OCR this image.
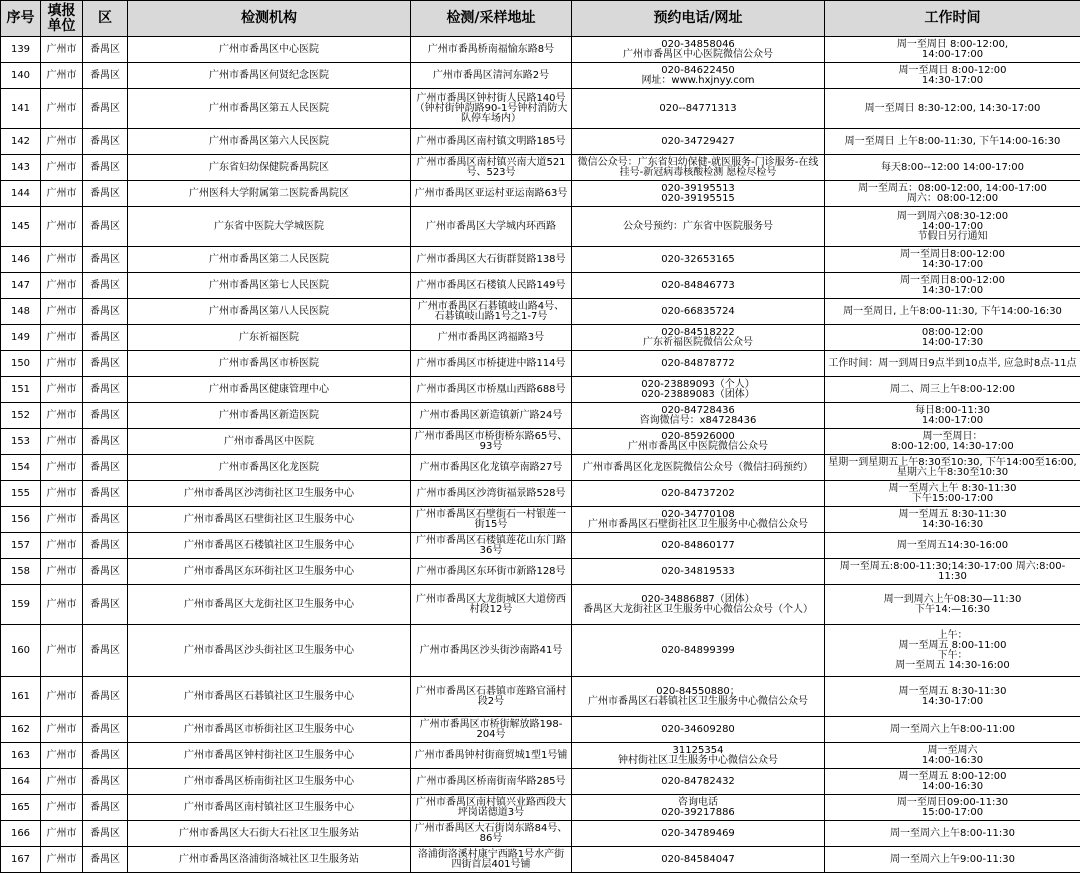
序号	填报
单位	区	检测机构	检测/采样地址	预约电话/网址	工作时间
139	广州市	番禺区	广州市番禺区中心医院	广州市番禺桥南福愉东路8号	020-34858046
广州市番禺区中心医院微信公众号	周一至周日 8:00-12:00,
14:00-17:00
140	广州市	番禺区	广州市番禺区何贤纪念医院	广州市番禺区清河东路2号	020-84622450
网址：www.hxjnyy.com	周一至周日 8:00-12:00
14:30-17:00
141	广州市	番禺区	广州市番禺区第五人民医院	广州市番禺区钟村街人民路140号（钟村街钟韵路90-1号钟村消防大队停车场内）	020--84771313	周一至周日 8:30-12:00, 14:30-17:00
142	广州市	番禺区	广州市番禺区第六人民医院	广州市番禺区南村镇文明路185号	020-34729427	周一至周日 上午8:00-11:30, 下午14:00-16:30
143	广州市	番禺区	广东省妇幼保健院番禺院区	广州市番禺区南村镇兴南大道521号、523号	微信公众号：广东省妇幼保健-就医服务-门诊服务-在线挂号-新冠病毒核酸检测 愿检尽检号	每天8:00--12:00 14:00-17:00
144	广州市	番禺区	广州医科大学附属第二医院番禺院区	广州市番禺区亚运村亚运南路63号	020-39195513
020-39195515	周一至周五：08:00-12:00, 14:00-17:00
周六：08:00-12:00
145	广州市	番禺区	广东省中医院大学城医院	广州市番禺区大学城内环西路	公众号预约：广东省中医院服务号	周一到周六08:30-12:00
14:00-17:00
节假日另行通知
146	广州市	番禺区	广州市番禺区第二人民医院	广州市番禺区大石街群贤路138号	020-32653165	周一至周日8:00-12:00
14:30-17:00
147	广州市	番禺区	广州市番禺区第七人民医院	广州市番禺区石楼镇人民路149号	020-84846773	周一至周日8:00-12:00
14:30-17:00
148	广州市	番禺区	广州市番禺区第八人民医院	广州市番禺区石碁镇岐山路4号、石碁镇岐山路1号之1-7号	020-66835724	周一至周日, 上午8:00-11:30, 下午14:00-16:30
149	广州市	番禺区	广东祈福医院	广州市番禺区鸿福路3号	020-84518222
广东祈福医院微信公众号	08:00-12:00
14:00-17:30
150	广州市	番禺区	广州市番禺区市桥医院	广州市番禺区市桥捷进中路114号	020-84878772	工作时间：周一到周日9点半到10点半, 应急时8点-11点
151	广州市	番禺区	广州市番禺区健康管理中心	广州市番禺区市桥凰山西路688号	020-23889093（个人）
020-23889083（团体）	周二、周三上午8:00-12:00
152	广州市	番禺区	广州市番禺区新造医院	广州市番禺区新造镇新广路24号	020-84728436
咨询微信号：x84728436	每日8:00-11:30
14:00-17:00
153	广州市	番禺区	广州市番禺区中医院	广州市番禺区市桥街桥东路65号、93号	020-85926000
广州市番禺区中医院微信公众号	周一至周日：
8:00-12:00, 14:30-17:00
154	广州市	番禺区	广州市番禺区化龙医院	广州市番禺区化龙镇亭南路27号	广州市番禺区化龙医院微信公众号（微信扫码预约）	星期一到星期五上午8:30至10:30, 下午14:00至16:00, 星期六上午8:30至10:30
155	广州市	番禺区	广州市番禺区沙湾街社区卫生服务中心	广州市番禺区沙湾街福景路528号	020-84737202	周一至周六上午 8:30-11:30
下午15:00-17:00
156	广州市	番禺区	广州市番禺区石壁街社区卫生服务中心	广州市番禺区石壁街石一村银莲一街15号	020-34770108
广州市番禺区石壁街社区卫生服务中心微信公众号	周一至周五 8:30-11:30
14:30-16:30
157	广州市	番禺区	广州市番禺区石楼镇社区卫生服务中心	广州市番禺区石楼镇莲花山东门路36号	020-84860177	周一至周五14:30-16:00
158	广州市	番禺区	广州市番禺区东环街社区卫生服务中心	广州市番禺区东环街市新路128号	020-34819533	周一至周五:8:00-11:30;14:30-17:00 周六:8:00-11:30
159	广州市	番禺区	广州市番禺区大龙街社区卫生服务中心	广州市番禺区大龙街城区大道傍西村段12号	020-34886887（团体）
番禺区大龙街社区卫生服务中心微信公众号（个人）	周一到周六上午08:30—11:30
下午14:—16:30
160	广州市	番禺区	广州市番禺区沙头街社区卫生服务中心	广州市番禺区沙头街沙南路41号	020-84899399	上午：
周一至周五 8:00-11:00
下午：
周一至周五 14:30-16:00
161	广州市	番禺区	广州市番禺区石碁镇社区卫生服务中心	广州市番禺区石碁镇市莲路官涌村段2号	020-84550880；
广州市番禺区石碁镇社区卫生服务中心微信公众号	周一至周五 8:30-11:30
14:30-17:00
162	广州市	番禺区	广州市番禺区市桥街社区卫生服务中心	广州市番禺区市桥街解放路198-204号	020-34609280	周一至周六上午8:00-11:00
163	广州市	番禺区	广州市番禺区钟村街社区卫生服务中心	广州市番禺钟村街商贸城1型1号铺	31125354
钟村街社区卫生服务中心微信公众号	周一至周六
14:00-16:30
164	广州市	番禺区	广州市番禺区桥南街社区卫生服务中心	广州市番禺区桥南街南华路285号	020-84782432	周一至周五 8:00-12:00
14:00-16:30
165	广州市	番禺区	广州市番禺区南村镇社区卫生服务中心	广州市番禺区南村镇兴业路西段大坪岗诺德道3号	咨询电话
020-39217886	周一至周日09:00-11:30
15:00-17:00
166	广州市	番禺区	广州市番禺区大石街大石社区卫生服务站	广州市番禺区大石街岗东路84号、86号	020-34789469	周一至周六上午8:00-11:30
167	广州市	番禺区	广州市番禺区洛浦街洛城社区卫生服务站	洛浦街洛溪村康宁西路1号水产街四街首层401号铺	020-84584047	周一至周六上午9:00-11:30
